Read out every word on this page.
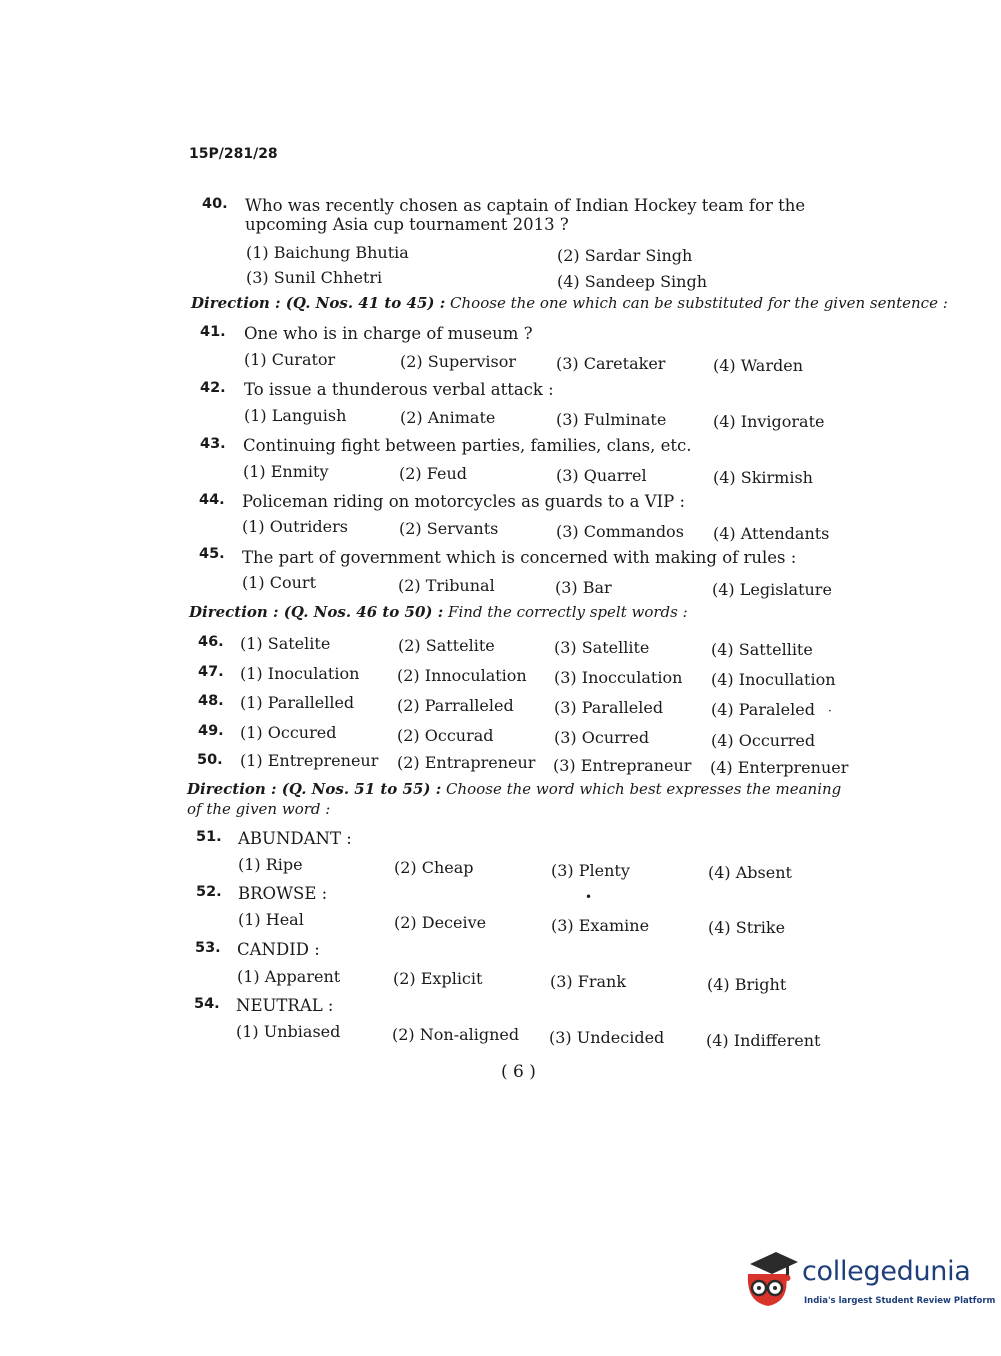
15P/281/28
40. Who was recently chosen as captain of Indian Hockey team for the upcoming Asia cup tournament 2013 ?
(1) Baichung Bhutia	(2) Sardar Singh
(3) Sunil Chhetri	(4) Sandeep Singh
Direction : (Q. Nos. 41 to 45) : Choose the one which can be substituted for the given sentence :
41. One who is in charge of museum ?
(1) Curator	(2) Supervisor (3) Caretaker	(4) Warden
42. To issue a thunderous verbal attack :
(1) Languish	(2) Animate	(3) Fulminate	(4) Invigorate
43. Continuing fight between parties, families, clans, etc.
(1) Enmity	(2) Feud	(3) Quarrel	(4) Skirmish
44. Policeman riding on motorcycles as guards to a VIP :
(1) Outriders	(2) Servants	(3) Commandos (4) Attendants
45. The part of government which is concerned with making of rules :
(1) Court	(2) Tribunal	(3) Bar	(4) Legislature
Direction : (Q. Nos. 46 to 50) : Find the correctly spelt words :
46. (1) Satelite	(2) Sattelite	(3) Satellite	(4) Sattellite
47. (1) Inoculation (2) Innoculation (3) Inocculation (4) Inocullation
48. (1) Parallelled	(2) Parralleled	(3) Paralleled	(4) Paraleled ·
49. (1) Occured	(2) Occurad	(3) Ocurred	(4) Occurred
50. (1) Entrepreneur (2) Entrapreneur (3) Entrepraneur (4) Enterprenuer
Direction : (Q. Nos. 51 to 55) : Choose the word which best expresses the meaning of the given word :
51. ABUNDANT :
(1) Ripe	(2) Cheap	(3) Plenty	(4) Absent
52. BROWSE :	•
(1) Heal	(2) Deceive	(3) Examine	(4) Strike
53. CANDID :
(1) Apparent	(2) Explicit	(3) Frank	(4) Bright
54. NEUTRAL :
(1) Unbiased	(2) Non-aligned (3) Undecided	(4) Indifferent
( 6 )
collegedunia
India's largest Student Review Platform
